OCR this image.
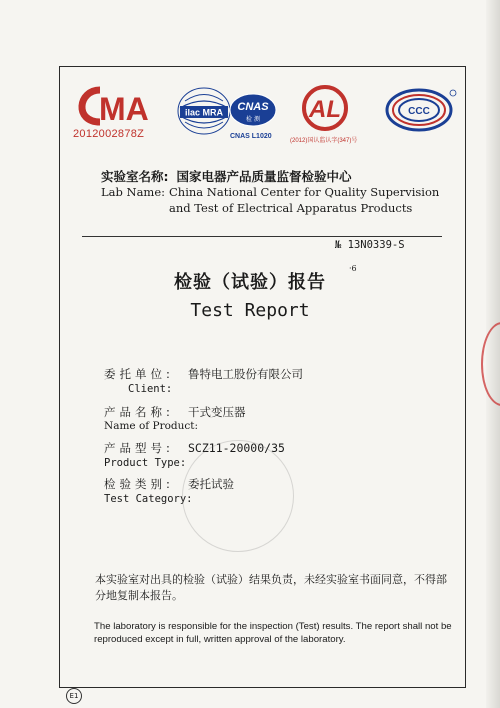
MA
2012002878Z
ilac MRA CNAS
检 测
CNAS L1020
AL
(2012)国认监认字(347)号
CCC
实验室名称: 国家电器产品质量监督检验中心
Lab Name: China National Center for Quality Supervision
and Test of Electrical Apparatus Products
№ 13N0339-S
检验（试验）报告
·6
Test Report
委托单位: 鲁特电工股份有限公司
Client:
产品名称: 干式变压器
Name of Product:
产品型号: SCZ11-20000/35
Product Type:
检验类别: 委托试验
Test Category:
本实验室对出具的检验（试验）结果负责，未经实验室书面同意，不得部分地复制本报告。
The laboratory is responsible for the inspection (Test) results. The report shall not be reproduced except in full, written approval of the laboratory.
E1
